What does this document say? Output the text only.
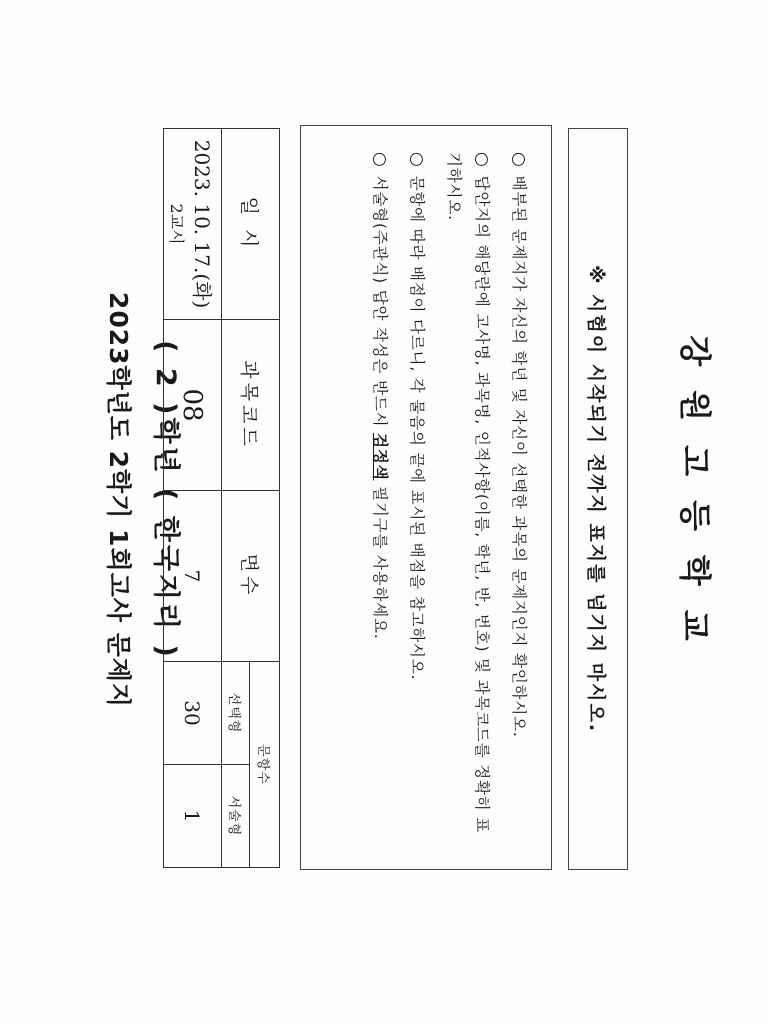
2023학년도 2학기 1회고사 문제지 ( 2 )학년 ( 한국지리 )
일 시	과목코드	면수	문항수	
			선택형	서술형

2023. 10. 17.(화)
2교시	08	7	30	1

○배부된 문제지가 자신의 학년 및 자신이 선택한 과목의 문제지인지 확인하시오.

○답안지의 해당란에 고사명, 과목명, 인적사항(이름, 학년, 반, 번호) 및 과목코드를 정확히 표기하시오.

○문항에 따라 배점이 다르니, 각 물음의 끝에 표시된 배점을 참고하시오.

○서술형(주관식) 답안 작성은 반드시 검정색 필기구를 사용하세요.	※ 시험이 시작되기 전까지 표지를 넘기지 마시오.	강원고등학교
